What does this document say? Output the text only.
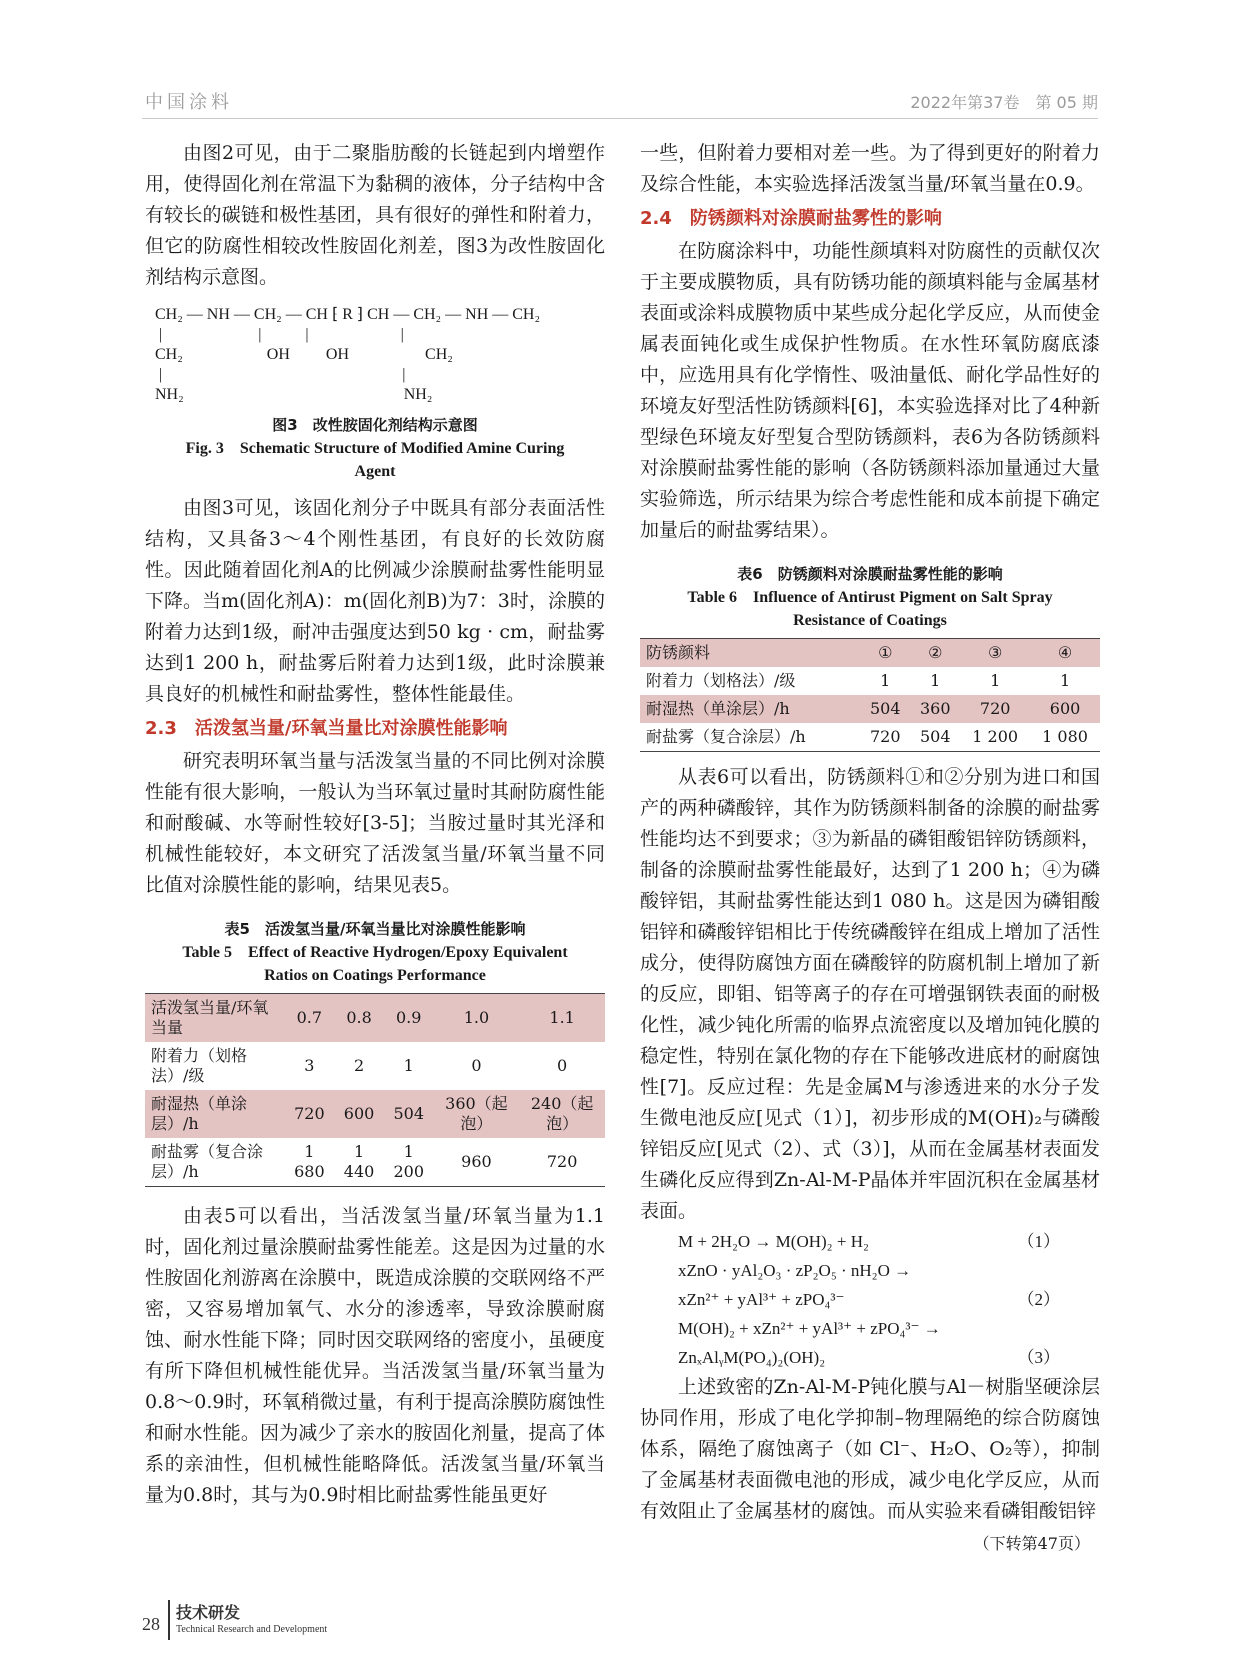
中国涂料	2022年第37卷　第 05 期

由图2可见，由于二聚脂肪酸的长链起到内增塑作用，使得固化剂在常温下为黏稠的液体，分子结构中含有较长的碳链和极性基团，具有很好的弹性和附着力，但它的防腐性相较改性胺固化剂差，图3为改性胺固化剂结构示意图。

CH₂ — NH — CH₂ — CH ⁅ R ⁆ CH — CH₂ — NH — CH₂
|                        |           |                       |
CH₂                     OH         OH                   CH₂
|                                                            |
NH₂                                                       NH₂
图3　改性胺固化剂结构示意图
Fig. 3　Schematic Structure of Modified Amine Curing Agent

由图3可见，该固化剂分子中既具有部分表面活性结构，又具备3～4个刚性基团，有良好的长效防腐性。因此随着固化剂A的比例减少涂膜耐盐雾性能明显下降。当m(固化剂A)：m(固化剂B)为7：3时，涂膜的附着力达到1级，耐冲击强度达到50 kg · cm，耐盐雾达到1 200 h，耐盐雾后附着力达到1级，此时涂膜兼具良好的机械性和耐盐雾性，整体性能最佳。

2.3　活泼氢当量/环氧当量比对涂膜性能影响

研究表明环氧当量与活泼氢当量的不同比例对涂膜性能有很大影响，一般认为当环氧过量时其耐防腐性能和耐酸碱、水等耐性较好[3-5]；当胺过量时其光泽和机械性能较好，本文研究了活泼氢当量/环氧当量不同比值对涂膜性能的影响，结果见表5。

表5　活泼氢当量/环氧当量比对涂膜性能影响
Table 5　Effect of Reactive Hydrogen/Epoxy Equivalent Ratios on Coatings Performance
活泼氢当量/环氧当量	0.7	0.8	0.9	1.0	1.1
附着力（划格法）/级	3	2	1	0	0
耐湿热（单涂层）/h	720	600	504	360（起泡）	240（起泡）
耐盐雾（复合涂层）/h	1 680	1 440	1 200	960	720

由表5可以看出，当活泼氢当量/环氧当量为1.1时，固化剂过量涂膜耐盐雾性能差。这是因为过量的水性胺固化剂游离在涂膜中，既造成涂膜的交联网络不严密，又容易增加氧气、水分的渗透率，导致涂膜耐腐蚀、耐水性能下降；同时因交联网络的密度小，虽硬度有所下降但机械性能优异。当活泼氢当量/环氧当量为0.8～0.9时，环氧稍微过量，有利于提高涂膜防腐蚀性和耐水性能。因为减少了亲水的胺固化剂量，提高了体系的亲油性，但机械性能略降低。活泼氢当量/环氧当量为0.8时，其与为0.9时相比耐盐雾性能虽更好

一些，但附着力要相对差一些。为了得到更好的附着力及综合性能，本实验选择活泼氢当量/环氧当量在0.9。

2.4　防锈颜料对涂膜耐盐雾性的影响

在防腐涂料中，功能性颜填料对防腐性的贡献仅次于主要成膜物质，具有防锈功能的颜填料能与金属基材表面或涂料成膜物质中某些成分起化学反应，从而使金属表面钝化或生成保护性物质。在水性环氧防腐底漆中，应选用具有化学惰性、吸油量低、耐化学品性好的环境友好型活性防锈颜料[6]，本实验选择对比了4种新型绿色环境友好型复合型防锈颜料，表6为各防锈颜料对涂膜耐盐雾性能的影响（各防锈颜料添加量通过大量实验筛选，所示结果为综合考虑性能和成本前提下确定加量后的耐盐雾结果）。

表6　防锈颜料对涂膜耐盐雾性能的影响
Table 6　Influence of Antirust Pigment on Salt Spray Resistance of Coatings
防锈颜料	①	②	③	④
附着力（划格法）/级	1	1	1	1
耐湿热（单涂层）/h	504	360	720	600
耐盐雾（复合涂层）/h	720	504	1 200	1 080

从表6可以看出，防锈颜料①和②分别为进口和国产的两种磷酸锌，其作为防锈颜料制备的涂膜的耐盐雾性能均达不到要求；③为新晶的磷钼酸铝锌防锈颜料，制备的涂膜耐盐雾性能最好，达到了1 200 h；④为磷酸锌铝，其耐盐雾性能达到1 080 h。这是因为磷钼酸铝锌和磷酸锌铝相比于传统磷酸锌在组成上增加了活性成分，使得防腐蚀方面在磷酸锌的防腐机制上增加了新的反应，即钼、铝等离子的存在可增强钢铁表面的耐极化性，减少钝化所需的临界点流密度以及增加钝化膜的稳定性，特别在氯化物的存在下能够改进底材的耐腐蚀性[7]。反应过程：先是金属M与渗透进来的水分子发生微电池反应[见式（1）]，初步形成的M(OH)₂与磷酸锌铝反应[见式（2）、式（3）]，从而在金属基材表面发生磷化反应得到Zn-Al-M-P晶体并牢固沉积在金属基材表面。

M + 2H₂O → M(OH)₂ + H₂	（1）
xZnO · yAl₂O₃ · zP₂O₅ · nH₂O →
xZn²⁺ + yAl³⁺ + zPO₄³⁻	（2）
M(OH)₂ + xZn²⁺ + yAl³⁺ + zPO₄³⁻ →
ZnₓAlᵧM(PO₄)₂(OH)₂	（3）

上述致密的Zn-Al-M-P钝化膜与Al－树脂坚硬涂层协同作用，形成了电化学抑制–物理隔绝的综合防腐蚀体系，隔绝了腐蚀离子（如 Cl⁻、H₂O、O₂等），抑制了金属基材表面微电池的形成，减少电化学反应，从而有效阻止了金属基材的腐蚀。而从实验来看磷钼酸铝锌

（下转第47页）
28
技术研发
Technical Research and Development
